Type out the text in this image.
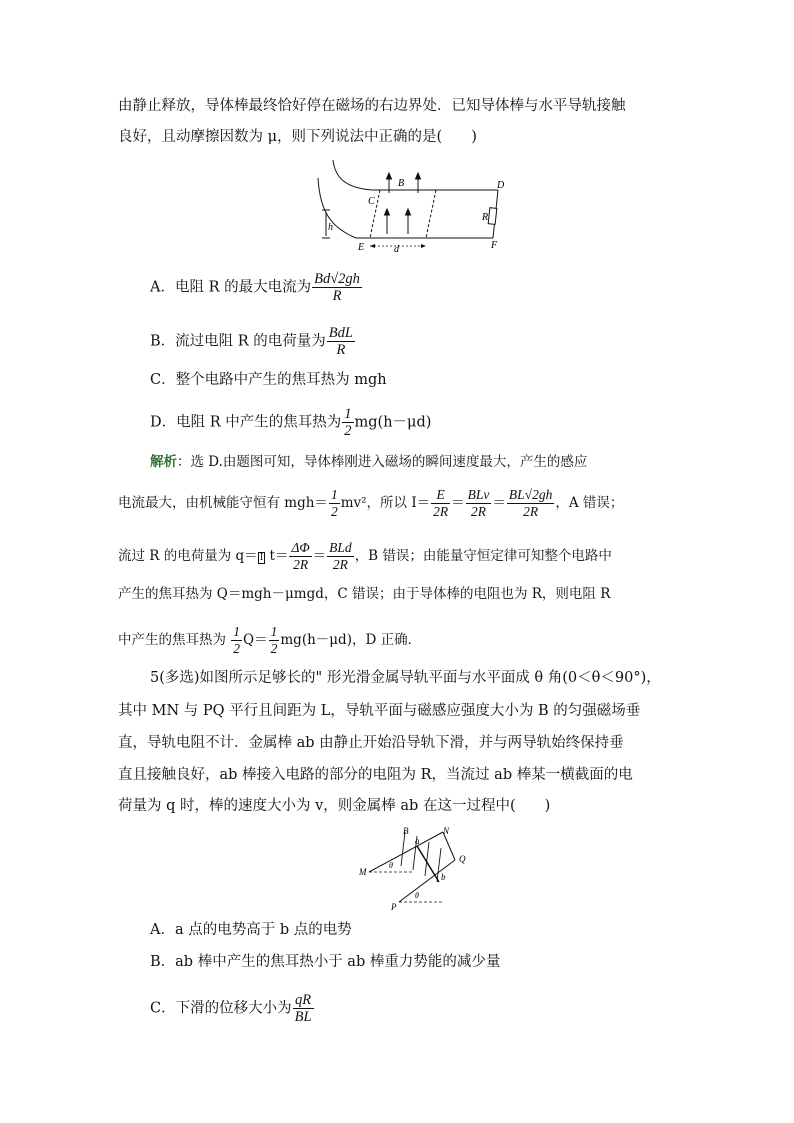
由静止释放，导体棒最终恰好停在磁场的右边界处．已知导体棒与水平导轨接触
良好，且动摩擦因数为 μ，则下列说法中正确的是(　　)
B
C
D
R
h
E	d	F
A．电阻 R 的最大电流为 $\frac{Bd√2gh}{R}$
B．流过电阻 R 的电荷量为 $\frac{\text{BdL}}{R}$
C．整个电路中产生的焦耳热为 mgh
D．电阻 R 中产生的焦耳热为 $\frac{1}{2} mg(h-\mu d)$
解析：选 D.由题图可知，导体棒刚进入磁场的瞬间速度最大，产生的感应
电流最大，由机械能守恒有 $mgh= \frac{1}{2} mv^2$，所以 $I= \frac{E}{2R} = \frac{\text{BLv}}{2R} = \frac{BL√2gh}{2R}$ ，A 错误；
流过 R 的电荷量为 q＝ I $t= \frac{\Delta\Phi}{2R} = \frac{\text{BLd}}{2R}$ ，B 错误；由能量守恒定律可知整个电路中
产生的焦耳热为 Q＝mgh－μmgd，C 错误；由于导体棒的电阻也为 R，则电阻 R
中产生的焦耳热为 $\frac{1}{2} Q= \frac{1}{2} mg(h-\mu d)$，D 正确．
5(多选)如图所示足够长的" 形光滑金属导轨平面与水平面成 θ 角(0＜θ＜90°)，
其中 MN 与 PQ 平行且间距为 L，导轨平面与磁感应强度大小为 B 的匀强磁场垂
直，导轨电阻不计．金属棒 ab 由静止开始沿导轨下滑，并与两导轨始终保持垂
直且接触良好，ab 棒接入电路的部分的电阻为 R，当流过 ab 棒某一横截面的电
荷量为 q 时，棒的速度大小为 v，则金属棒 ab 在这一过程中(　　)
B
a
N
Q
M	b
P
θ
θ
A．a 点的电势高于 b 点的电势
B．ab 棒中产生的焦耳热小于 ab 棒重力势能的减少量
C．下滑的位移大小为 $\frac{qR}{BL}$
